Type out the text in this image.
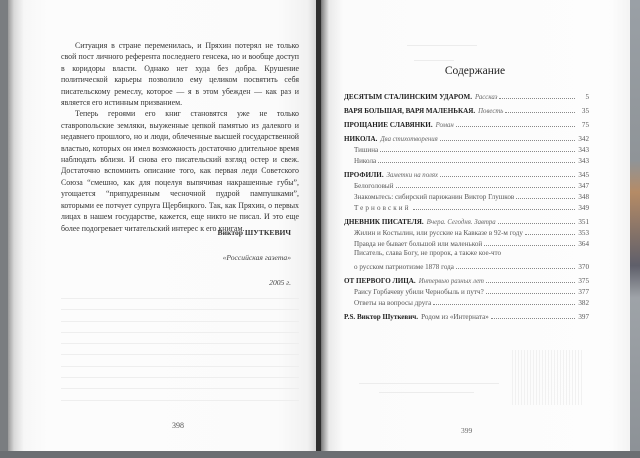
Ситуация в стране переменилась, и Пряхин потерял не только свой пост личного референта последнего генсека, но и вообще доступ в коридоры власти. Однако нет худа без добра. Крушение политической карьеры позволило ему целиком посвятить себя писательскому ремеслу, которое — я в этом убежден — как раз и является его истинным призванием.

Теперь героями его книг становятся уже не только ставропольские земляки, выуженные цепкой памятью из далекого и недавнего прошлого, но и люди, облеченные высшей государственной властью, которых он имел возможность достаточно длительное время наблюдать вблизи. И снова его писательский взгляд остер и свеж. Достаточно вспомнить описание того, как первая леди Советского Союза “смешно, как для поцелуя выпячивая накрашенные губы”, угощается “припудренным чесночной пудрой пампушками”, которыми ее потчует супруга Щербицкого. Так, как Пряхин, о первых лицах в нашем государстве, кажется, еще никто не писал. И это еще более подогревает читательский интерес к его книгам.

Виктор ШУТКЕВИЧ
«Российская газета»
2005 г.
398
Содержание
ДЕСЯТЫМ СТАЛИНСКИМ УДАРОМ. Рассказ	5
ВАРЯ БОЛЬШАЯ, ВАРЯ МАЛЕНЬКАЯ. Повесть	35
ПРОЩАНИЕ СЛАВЯНКИ. Роман	75
НИКОЛА. Два стихотворения	342
Тишина	343
Никола	343
ПРОФИЛИ. Заметки на полях	345
Белоголовый	347
Знакомьтесь: сибирский парижанин Виктор Глушков	348
Терновский	349
ДНЕВНИК ПИСАТЕЛЯ. Вчера. Сегодня. Завтра	351
Жилин и Костылин, или русские на Кавказе в 92-м году	353
Правда не бывает большой или маленькой	364
Писатель, слава Богу, не пророк, а также кое-что
о русском патриотизме 1878 года	370
ОТ ПЕРВОГО ЛИЦА. Интервью разных лет	375
Раису Горбачеву убили Чернобыль и путч?	377
Ответы на вопросы друга	382
P.S. Виктор Шуткевич. Родом из «Интерната»	397
399
